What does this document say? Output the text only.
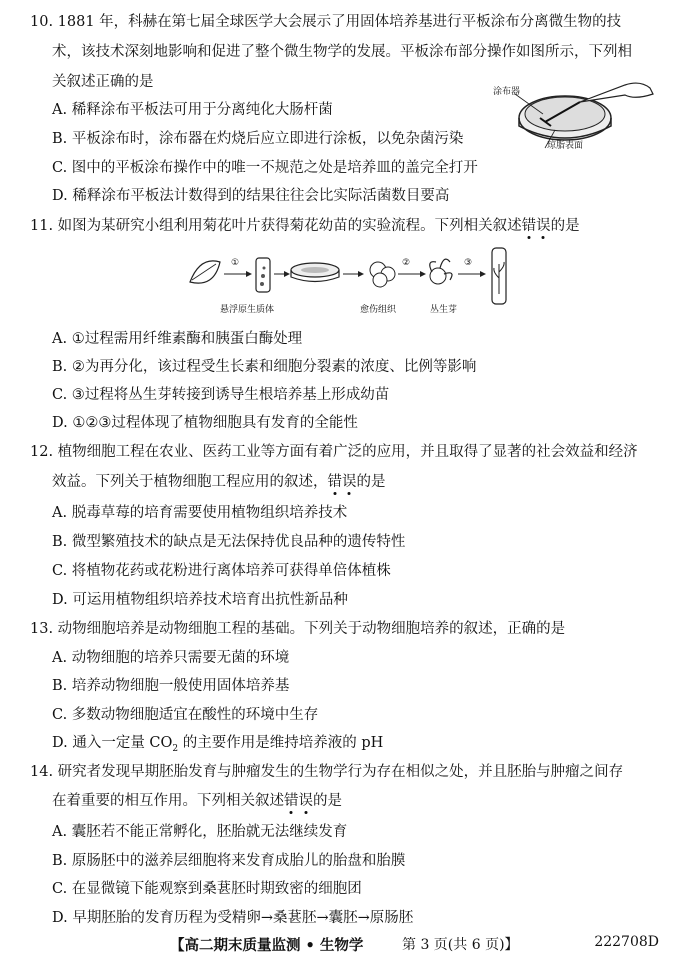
10. 1881 年，科赫在第七届全球医学大会展示了用固体培养基进行平板涂布分离微生物的技
术，该技术深刻地影响和促进了整个微生物学的发展。平板涂布部分操作如图所示，下列相
关叙述正确的是
A. 稀释涂布平板法可用于分离纯化大肠杆菌
B. 平板涂布时，涂布器在灼烧后应立即进行涂板，以免杂菌污染
C. 图中的平板涂布操作中的唯一不规范之处是培养皿的盖完全打开
D. 稀释涂布平板法计数得到的结果往往会比实际活菌数目要高
涂布器
琼脂表面
11. 如图为某研究小组利用菊花叶片获得菊花幼苗的实验流程。下列相关叙述错误的是
①	②	③
悬浮原生质体	愈伤组织	丛生芽
A. ①过程需用纤维素酶和胰蛋白酶处理
B. ②为再分化，该过程受生长素和细胞分裂素的浓度、比例等影响
C. ③过程将丛生芽转接到诱导生根培养基上形成幼苗
D. ①②③过程体现了植物细胞具有发育的全能性
12. 植物细胞工程在农业、医药工业等方面有着广泛的应用，并且取得了显著的社会效益和经济
效益。下列关于植物细胞工程应用的叙述，错误的是
A. 脱毒草莓的培育需要使用植物组织培养技术
B. 微型繁殖技术的缺点是无法保持优良品种的遗传特性
C. 将植物花药或花粉进行离体培养可获得单倍体植株
D. 可运用植物组织培养技术培育出抗性新品种
13. 动物细胞培养是动物细胞工程的基础。下列关于动物细胞培养的叙述，正确的是
A. 动物细胞的培养只需要无菌的环境
B. 培养动物细胞一般使用固体培养基
C. 多数动物细胞适宜在酸性的环境中生存
D. 通入一定量 $CO_2$ 的主要作用是维持培养液的 pH
14. 研究者发现早期胚胎发育与肿瘤发生的生物学行为存在相似之处，并且胚胎与肿瘤之间存
在着重要的相互作用。下列相关叙述错误的是
A. 囊胚若不能正常孵化，胚胎就无法继续发育
B. 原肠胚中的滋养层细胞将来发育成胎儿的胎盘和胎膜
C. 在显微镜下能观察到桑葚胚时期致密的细胞团
D. 早期胚胎的发育历程为受精卵→桑葚胚→囊胚→原肠胚
【高二期末质量监测 • 生物学	第 3 页(共 6 页)】	222708D
